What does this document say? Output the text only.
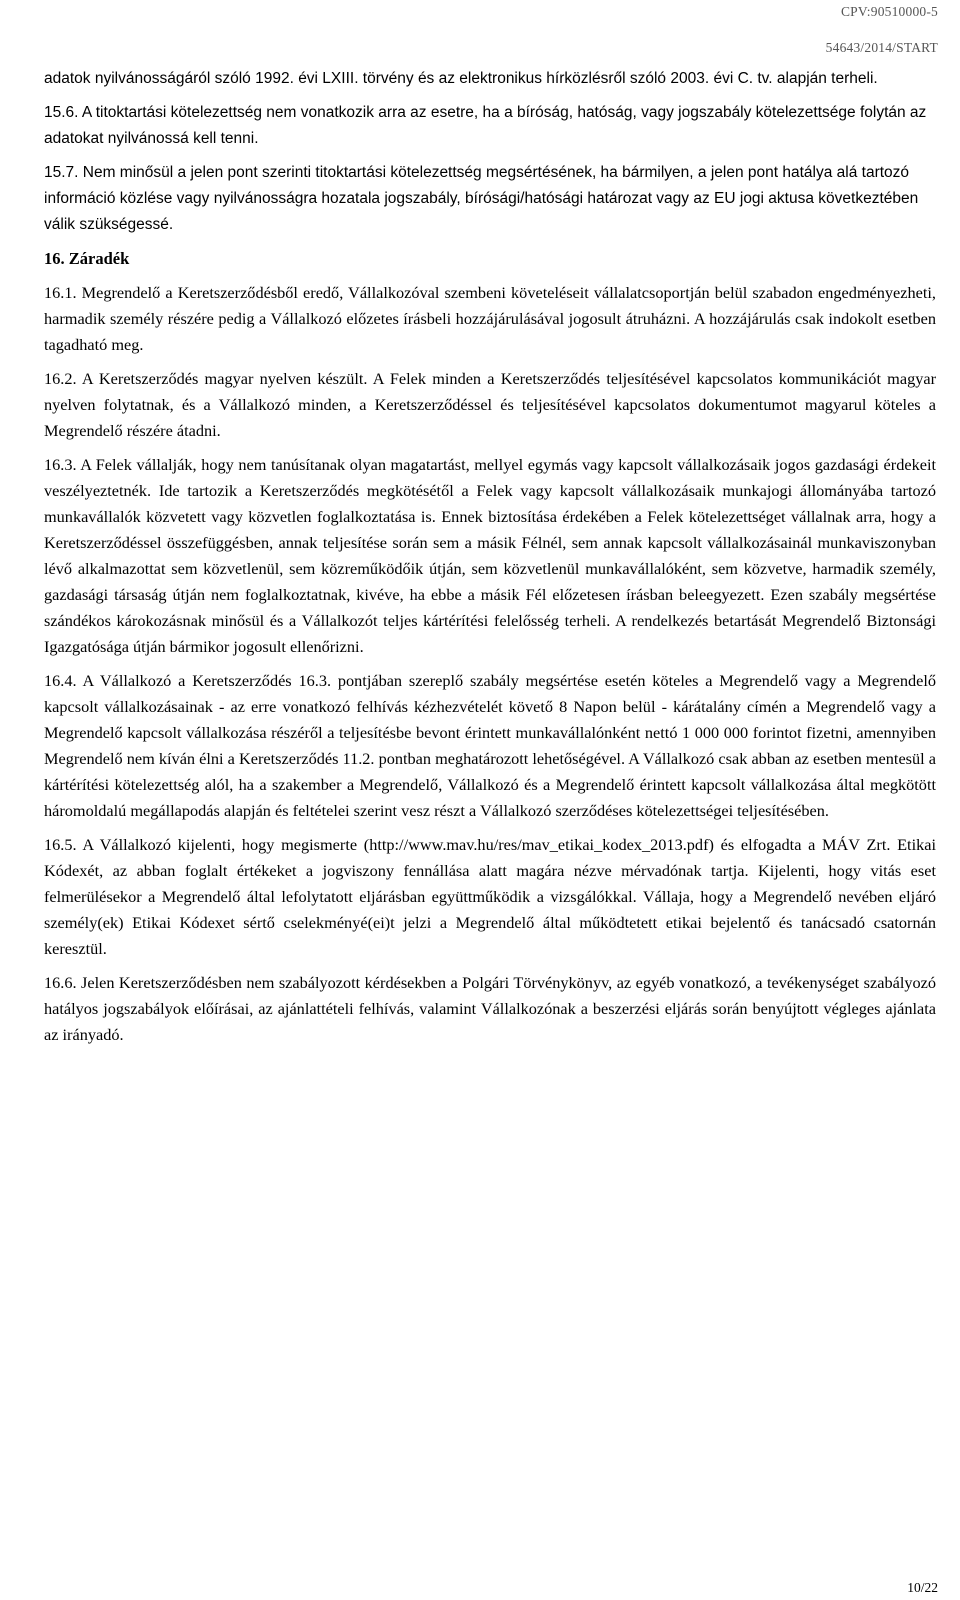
CPV:90510000-5
54643/2014/START

adatok nyilvánosságáról szóló 1992. évi LXIII. törvény és az elektronikus hírközlésről szóló 2003. évi C. tv. alapján terheli.

15.6. A titoktartási kötelezettség nem vonatkozik arra az esetre, ha a bíróság, hatóság, vagy jogszabály kötelezettsége folytán az adatokat nyilvánossá kell tenni.

15.7. Nem minősül a jelen pont szerinti titoktartási kötelezettség megsértésének, ha bármilyen, a jelen pont hatálya alá tartozó információ közlése vagy nyilvánosságra hozatala jogszabály, bírósági/hatósági határozat vagy az EU jogi aktusa következtében válik szükségessé.

16. Záradék

16.1. Megrendelő a Keretszerződésből eredő, Vállalkozóval szembeni követeléseit vállalatcsoportján belül szabadon engedményezheti, harmadik személy részére pedig a Vállalkozó előzetes írásbeli hozzájárulásával jogosult átruházni. A hozzájárulás csak indokolt esetben tagadható meg.

16.2. A Keretszerződés magyar nyelven készült. A Felek minden a Keretszerződés teljesítésével kapcsolatos kommunikációt magyar nyelven folytatnak, és a Vállalkozó minden, a Keretszerződéssel és teljesítésével kapcsolatos dokumentumot magyarul köteles a Megrendelő részére átadni.

16.3. A Felek vállalják, hogy nem tanúsítanak olyan magatartást, mellyel egymás vagy kapcsolt vállalkozásaik jogos gazdasági érdekeit veszélyeztetnék. Ide tartozik a Keretszerződés megkötésétől a Felek vagy kapcsolt vállalkozásaik munkajogi állományába tartozó munkavállalók közvetett vagy közvetlen foglalkoztatása is. Ennek biztosítása érdekében a Felek kötelezettséget vállalnak arra, hogy a Keretszerződéssel összefüggésben, annak teljesítése során sem a másik Félnél, sem annak kapcsolt vállalkozásainál munkaviszonyban lévő alkalmazottat sem közvetlenül, sem közreműködőik útján, sem közvetlenül munkavállalóként, sem közvetve, harmadik személy, gazdasági társaság útján nem foglalkoztatnak, kivéve, ha ebbe a másik Fél előzetesen írásban beleegyezett. Ezen szabály megsértése szándékos károkozásnak minősül és a Vállalkozót teljes kártérítési felelősség terheli. A rendelkezés betartását Megrendelő Biztonsági Igazgatósága útján bármikor jogosult ellenőrizni.

16.4. A Vállalkozó a Keretszerződés 16.3. pontjában szereplő szabály megsértése esetén köteles a Megrendelő vagy a Megrendelő kapcsolt vállalkozásainak - az erre vonatkozó felhívás kézhezvételét követő 8 Napon belül - kárátalány címén a Megrendelő vagy a Megrendelő kapcsolt vállalkozása részéről a teljesítésbe bevont érintett munkavállalónként nettó 1 000 000 forintot fizetni, amennyiben Megrendelő nem kíván élni a Keretszerződés 11.2. pontban meghatározott lehetőségével. A Vállalkozó csak abban az esetben mentesül a kártérítési kötelezettség alól, ha a szakember a Megrendelő, Vállalkozó és a Megrendelő érintett kapcsolt vállalkozása által megkötött háromoldalú megállapodás alapján és feltételei szerint vesz részt a Vállalkozó szerződéses kötelezettségei teljesítésében.

16.5. A Vállalkozó kijelenti, hogy megismerte (http://www.mav.hu/res/mav_etikai_kodex_2013.pdf) és elfogadta a MÁV Zrt. Etikai Kódexét, az abban foglalt értékeket a jogviszony fennállása alatt magára nézve mérvadónak tartja. Kijelenti, hogy vitás eset felmerülésekor a Megrendelő által lefolytatott eljárásban együttműködik a vizsgálókkal. Vállaja, hogy a Megrendelő nevében eljáró személy(ek) Etikai Kódexet sértő cselekményé(ei)t jelzi a Megrendelő által működtetett etikai bejelentő és tanácsadó csatornán keresztül.

16.6. Jelen Keretszerződésben nem szabályozott kérdésekben a Polgári Törvénykönyv, az egyéb vonatkozó, a tevékenységet szabályozó hatályos jogszabályok előírásai, az ajánlattételi felhívás, valamint Vállalkozónak a beszerzési eljárás során benyújtott végleges ajánlata az irányadó.

10/22
